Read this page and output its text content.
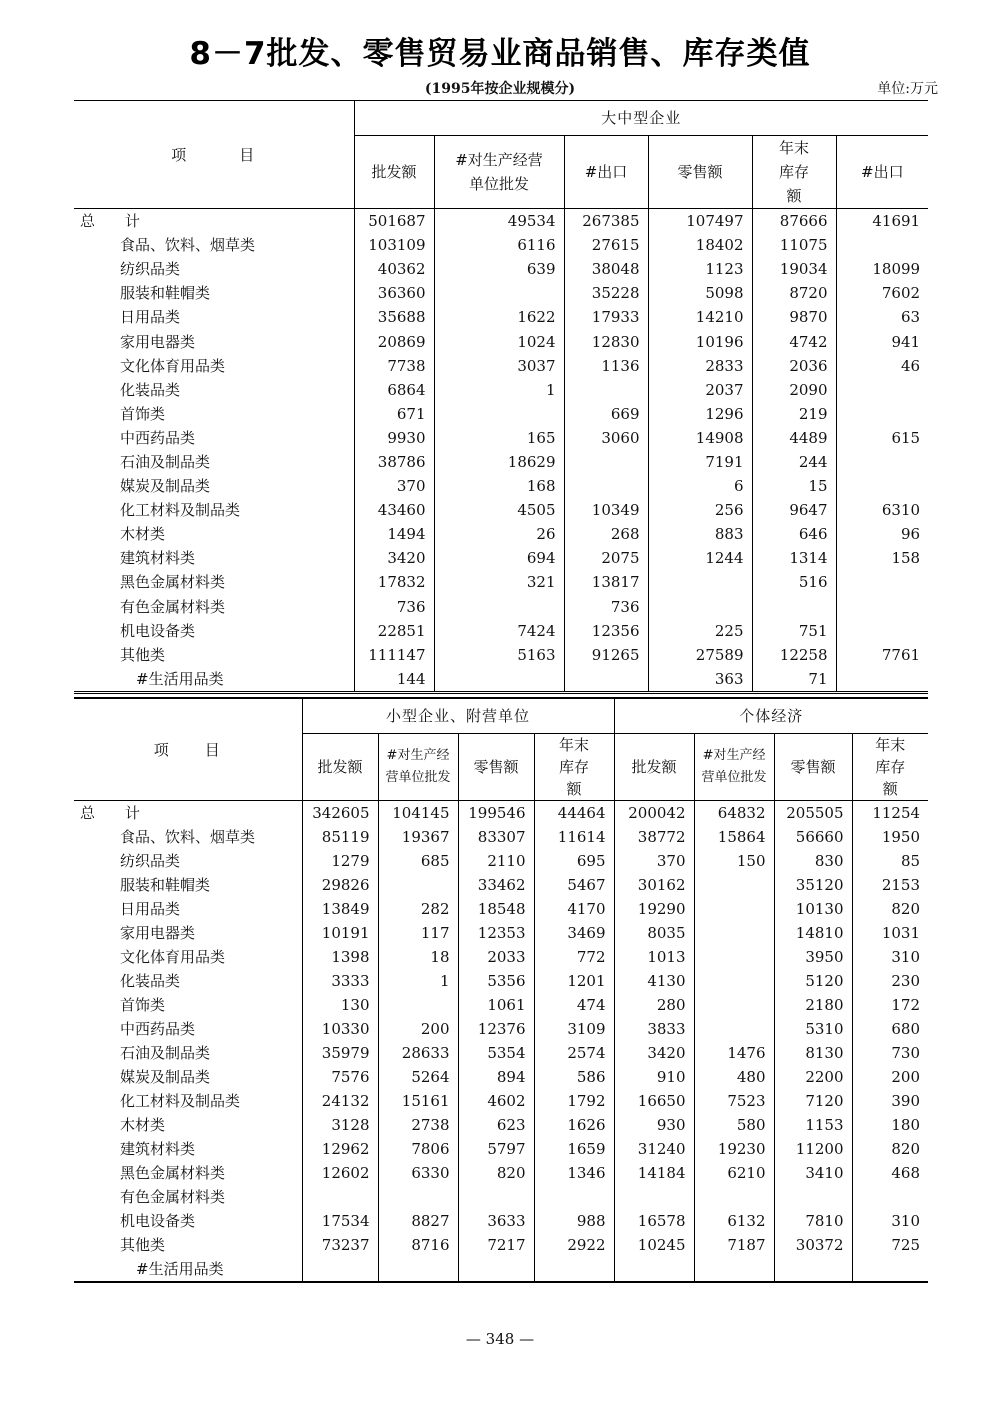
8－7批发、零售贸易业商品销售、库存类值
(1995年按企业规模分)	单位:万元
项　　　目	大中型企业					
	批发额	#对生产经营单位批发	#出口	零售额	年末库存额	#出口
总　　计	501687	49534	267385	107497	87666	41691
食品、饮料、烟草类	103109	6116	27615	18402	11075	
纺织品类	40362	639	38048	1123	19034	18099
服装和鞋帽类	36360		35228	5098	8720	7602
日用品类	35688	1622	17933	14210	9870	63
家用电器类	20869	1024	12830	10196	4742	941
文化体育用品类	7738	3037	1136	2833	2036	46
化装品类	6864	1		2037	2090	
首饰类	671		669	1296	219	
中西药品类	9930	165	3060	14908	4489	615
石油及制品类	38786	18629		7191	244	
媒炭及制品类	370	168		6	15	
化工材料及制品类	43460	4505	10349	256	9647	6310
木材类	1494	26	268	883	646	96
建筑材料类	3420	694	2075	1244	1314	158
黑色金属材料类	17832	321	13817		516	
有色金属材料类	736		736			
机电设备类	22851	7424	12356	225	751	
其他类	111147	5163	91265	27589	12258	7761
#生活用品类	144			363	71	
项　　目	小型企业、附营单位				个体经济			
	批发额	#对生产经营单位批发	零售额	年末库存额	批发额	#对生产经营单位批发	零售额	年末库存额
总　　计	342605	104145	199546	44464	200042	64832	205505	11254
食品、饮料、烟草类	85119	19367	83307	11614	38772	15864	56660	1950
纺织品类	1279	685	2110	695	370	150	830	85
服装和鞋帽类	29826		33462	5467	30162		35120	2153
日用品类	13849	282	18548	4170	19290		10130	820
家用电器类	10191	117	12353	3469	8035		14810	1031
文化体育用品类	1398	18	2033	772	1013		3950	310
化装品类	3333	1	5356	1201	4130		5120	230
首饰类	130		1061	474	280		2180	172
中西药品类	10330	200	12376	3109	3833		5310	680
石油及制品类	35979	28633	5354	2574	3420	1476	8130	730
媒炭及制品类	7576	5264	894	586	910	480	2200	200
化工材料及制品类	24132	15161	4602	1792	16650	7523	7120	390
木材类	3128	2738	623	1626	930	580	1153	180
建筑材料类	12962	7806	5797	1659	31240	19230	11200	820
黑色金属材料类	12602	6330	820	1346	14184	6210	3410	468
有色金属材料类								
机电设备类	17534	8827	3633	988	16578	6132	7810	310
其他类	73237	8716	7217	2922	10245	7187	30372	725
#生活用品类								
— 348 —
